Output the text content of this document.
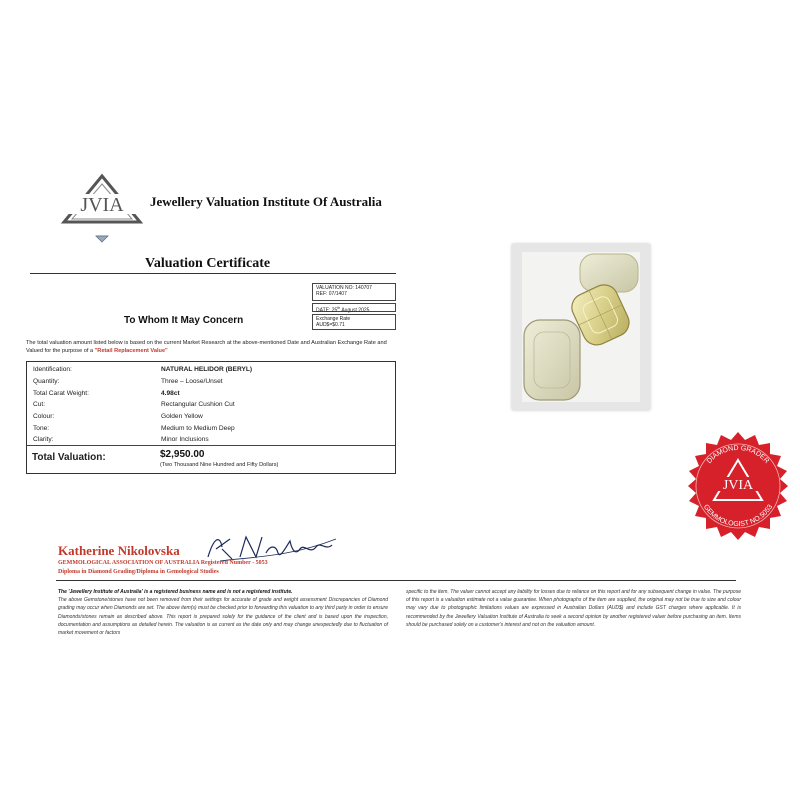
JVIA Jewellery Valuation Institute Of Australia
Valuation Certificate
VALUATION NO: 140707
REF: 07/1407
DATE: 25th August 2025
Exchange Rate
AUD$=$0.71
To Whom It May Concern
The total valuation amount listed below is based on the current Market Research at the above-mentioned Date and Australian Exchange Rate and Valued for the purpose of a "Retail Replacement Value"
Identification:	NATURAL HELIDOR (BERYL)
Quantity:	Three – Loose/Unset
Total Carat Weight:	4.98ct
Cut:	Rectangular Cushion Cut
Colour:	Golden Yellow
Tone:	Medium to Medium Deep
Clarity:	Minor Inclusions
Total Valuation:	$2,950.00
(Two Thousand Nine Hundred and Fifty Dollars)	DIAMOND GRADER
GEMMOLOGIST NO.5053
JVIA
Katherine Nikolovska
GEMMOLOGICAL ASSOCIATION OF AUSTRALIA Registered Number - 5053
Diploma in Diamond Grading/Diploma in Gemological Studies
The 'Jewellery Institute of Australia' is a registered business name and is not a registered institute.
The above Gemstone/stones have not been removed from their settings for accurate of grade and weight assessment Discrepancies of Diamond grading may occur when Diamonds are set. The above item(s) must be checked prior to forwarding this valuation to any third party in order to ensure Diamonds/stones remain as described above. This report is prepared solely for the guidance of the client and is based upon the inspection, documentation and assumptions as detailed herein. The valuation is as current as the date only and may change unexpectedly due to fluctuation of market movement or factors
specific to the item. The valuer cannot accept any liability for losses due to reliance on this report and for any subsequent change in value. The purpose of this report is a valuation estimate not a value guarantee. When photographs of the item are supplied, the original may not be true to size and colour may vary due to photographic limitations values are expressed in Australian Dollars (AUD$) and include GST charges where applicable. It is recommended by the Jewellery Valuation Institute of Australia to seek a second opinion by another registered valuer before purchasing an item. Items should be purchased solely on a customer's interest and not on the valuation amount.
